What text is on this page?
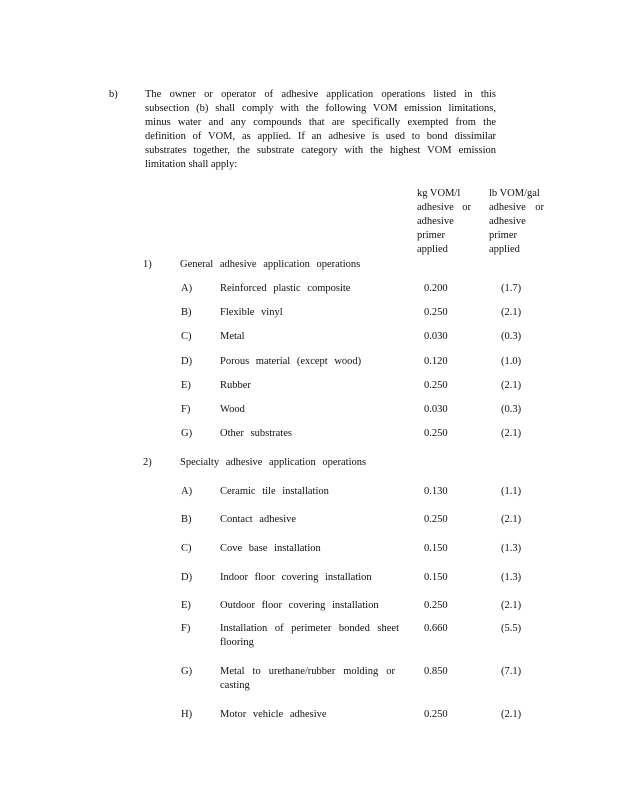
b)	The owner or operator of adhesive application operations listed in this
subsection (b) shall comply with the following VOM emission limitations,
minus water and any compounds that are specifically exempted from the
definition of VOM, as applied. If an adhesive is used to bond dissimilar
substrates together, the substrate category with the highest VOM emission
limitation shall apply:
kg VOM/l
adhesive or
adhesive
primer
applied
lb VOM/gal
adhesive or
adhesive
primer
applied
1)	General adhesive application operations
A)	Reinforced plastic composite	0.200	(1.7)
B)	Flexible vinyl	0.250	(2.1)
C)	Metal	0.030	(0.3)
D)	Porous material (except wood)	0.120	(1.0)
E)	Rubber	0.250	(2.1)
F)	Wood	0.030	(0.3)
G)	Other substrates	0.250	(2.1)
2)	Specialty adhesive application operations
A)	Ceramic tile installation	0.130	(1.1)
B)	Contact adhesive	0.250	(2.1)
C)	Cove base installation	0.150	(1.3)
D)	Indoor floor covering installation	0.150	(1.3)
E)	Outdoor floor covering installation	0.250	(2.1)
F)	Installation of perimeter bonded sheet
flooring
0.660	(5.5)
G)	Metal to urethane/rubber molding or
casting
0.850	(7.1)
H)	Motor vehicle adhesive	0.250	(2.1)
